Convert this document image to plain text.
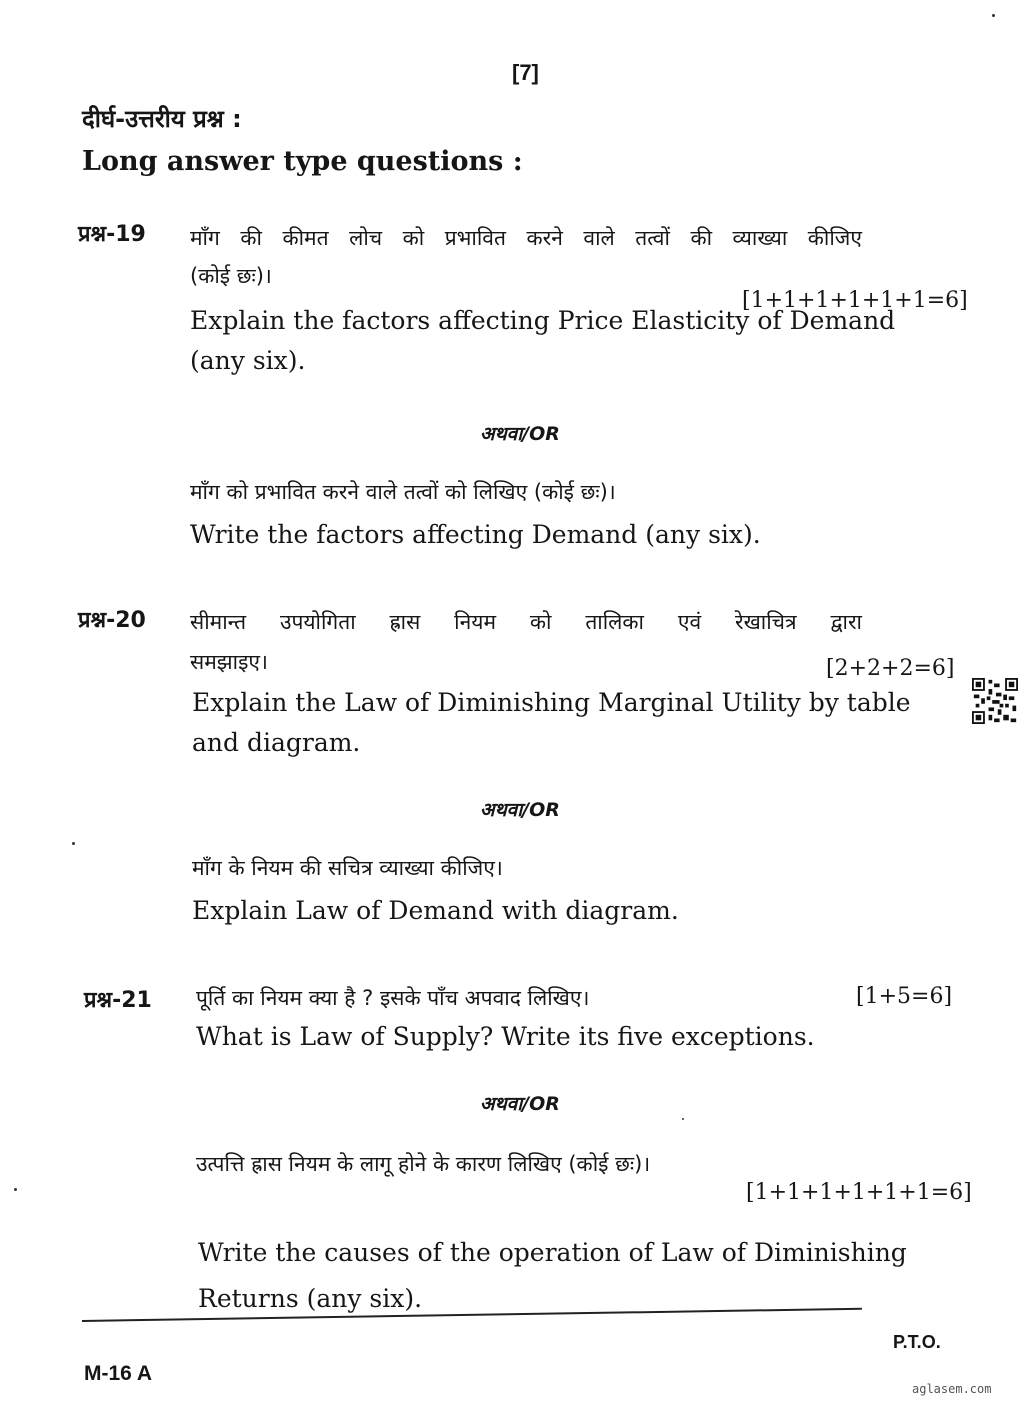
[7]
दीर्घ-उत्तरीय प्रश्न :
Long answer type questions :
प्रश्न-19 माँग की कीमत लोच को प्रभावित करने वाले तत्वों की व्याख्या कीजिए
(कोई छः)।
[1+1+1+1+1+1=6]
Explain the factors affecting Price Elasticity of Demand
(any six).
अथवा/OR
माँग को प्रभावित करने वाले तत्वों को लिखिए (कोई छः)।
Write the factors affecting Demand (any six).
प्रश्न-20 सीमान्त उपयोगिता ह्रास नियम को तालिका एवं रेखाचित्र द्वारा
समझाइए।	[2+2+2=6]
Explain the Law of Diminishing Marginal Utility by table
and diagram.
अथवा/OR
माँग के नियम की सचित्र व्याख्या कीजिए।
Explain Law of Demand with diagram.
प्रश्न-21 पूर्ति का नियम क्या है ? इसके पाँच अपवाद लिखिए।	[1+5=6]
What is Law of Supply? Write its five exceptions.
अथवा/OR
उत्पत्ति ह्रास नियम के लागू होने के कारण लिखिए (कोई छः)।
[1+1+1+1+1+1=6]
Write the causes of the operation of Law of Diminishing
Returns (any six).
P.T.O.
M-16 A
aglasem.com
